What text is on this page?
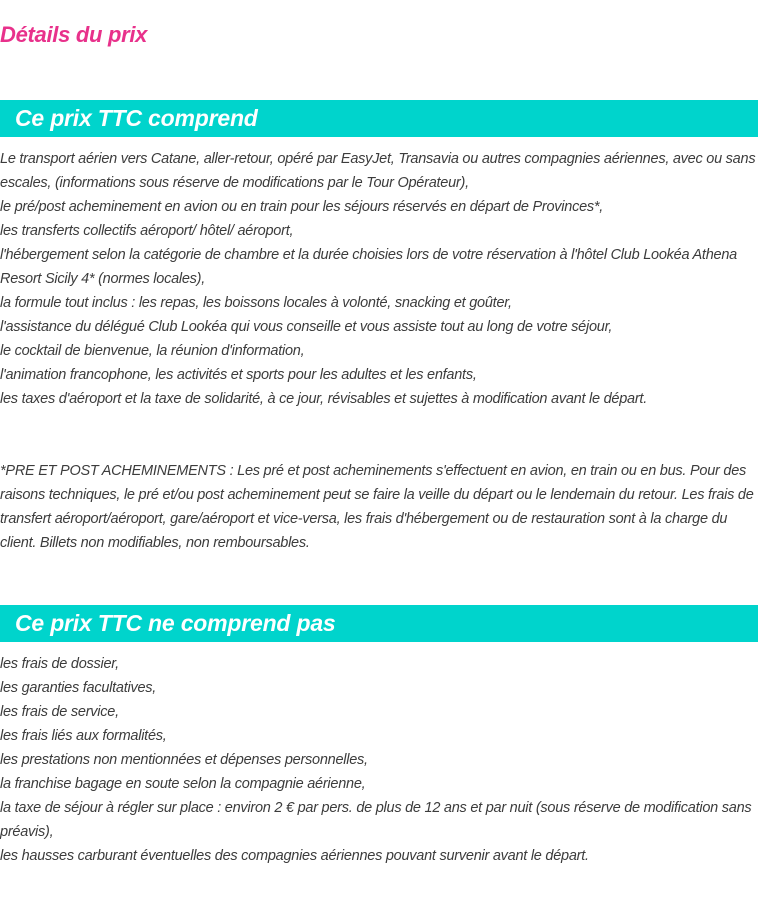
Détails du prix
Ce prix TTC comprend

Le transport aérien vers Catane, aller-retour, opéré par EasyJet, Transavia ou autres compagnies aériennes, avec ou sans escales, (informations sous réserve de modifications par le Tour Opérateur),

le pré/post acheminement en avion ou en train pour les séjours réservés en départ de Provinces*,

les transferts collectifs aéroport/ hôtel/ aéroport,

l'hébergement selon la catégorie de chambre et la durée choisies lors de votre réservation à l'hôtel Club Lookéa Athena Resort Sicily 4* (normes locales),

la formule tout inclus : les repas, les boissons locales à volonté, snacking et goûter,

l'assistance du délégué Club Lookéa qui vous conseille et vous assiste tout au long de votre séjour,

le cocktail de bienvenue, la réunion d'information,

l'animation francophone, les activités et sports pour les adultes et les enfants,

les taxes d'aéroport et la taxe de solidarité, à ce jour, révisables et sujettes à modification avant le départ.

*PRE ET POST ACHEMINEMENTS : Les pré et post acheminements s'effectuent en avion, en train ou en bus. Pour des raisons techniques, le pré et/ou post acheminement peut se faire la veille du départ ou le lendemain du retour. Les frais de transfert aéroport/aéroport, gare/aéroport et vice-versa, les frais d'hébergement ou de restauration sont à la charge du client. Billets non modifiables, non remboursables.

Ce prix TTC ne comprend pas

les frais de dossier,

les garanties facultatives,

les frais de service,

les frais liés aux formalités,

les prestations non mentionnées et dépenses personnelles,

la franchise bagage en soute selon la compagnie aérienne,

la taxe de séjour à régler sur place : environ 2 € par pers. de plus de 12 ans et par nuit (sous réserve de modification sans préavis),

les hausses carburant éventuelles des compagnies aériennes pouvant survenir avant le départ.
